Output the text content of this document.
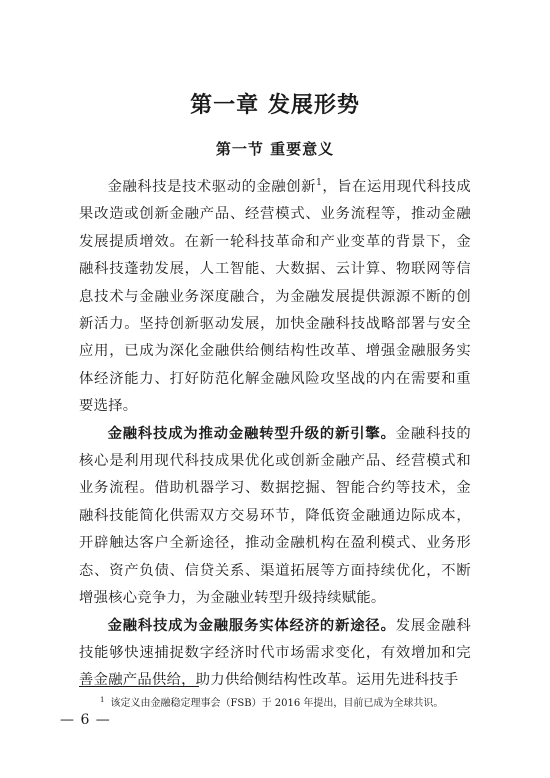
第一章 发展形势
第一节 重要意义

金融科技是技术驱动的金融创新$^1$，旨在运用现代科技成果改造或创新金融产品、经营模式、业务流程等，推动金融发展提质增效。在新一轮科技革命和产业变革的背景下，金融科技蓬勃发展，人工智能、大数据、云计算、物联网等信息技术与金融业务深度融合，为金融发展提供源源不断的创新活力。坚持创新驱动发展，加快金融科技战略部署与安全应用，已成为深化金融供给侧结构性改革、增强金融服务实体经济能力、打好防范化解金融风险攻坚战的内在需要和重要选择。

金融科技成为推动金融转型升级的新引擎。金融科技的核心是利用现代科技成果优化或创新金融产品、经营模式和业务流程。借助机器学习、数据挖掘、智能合约等技术，金融科技能简化供需双方交易环节，降低资金融通边际成本，开辟触达客户全新途径，推动金融机构在盈利模式、业务形态、资产负债、信贷关系、渠道拓展等方面持续优化，不断增强核心竞争力，为金融业转型升级持续赋能。

金融科技成为金融服务实体经济的新途径。发展金融科技能够快速捕捉数字经济时代市场需求变化，有效增加和完善金融产品供给，助力供给侧结构性改革。运用先进科技手

$^1$ 该定义由金融稳定理事会（FSB）于 2016 年提出，目前已成为全球共识。

— 6 —
